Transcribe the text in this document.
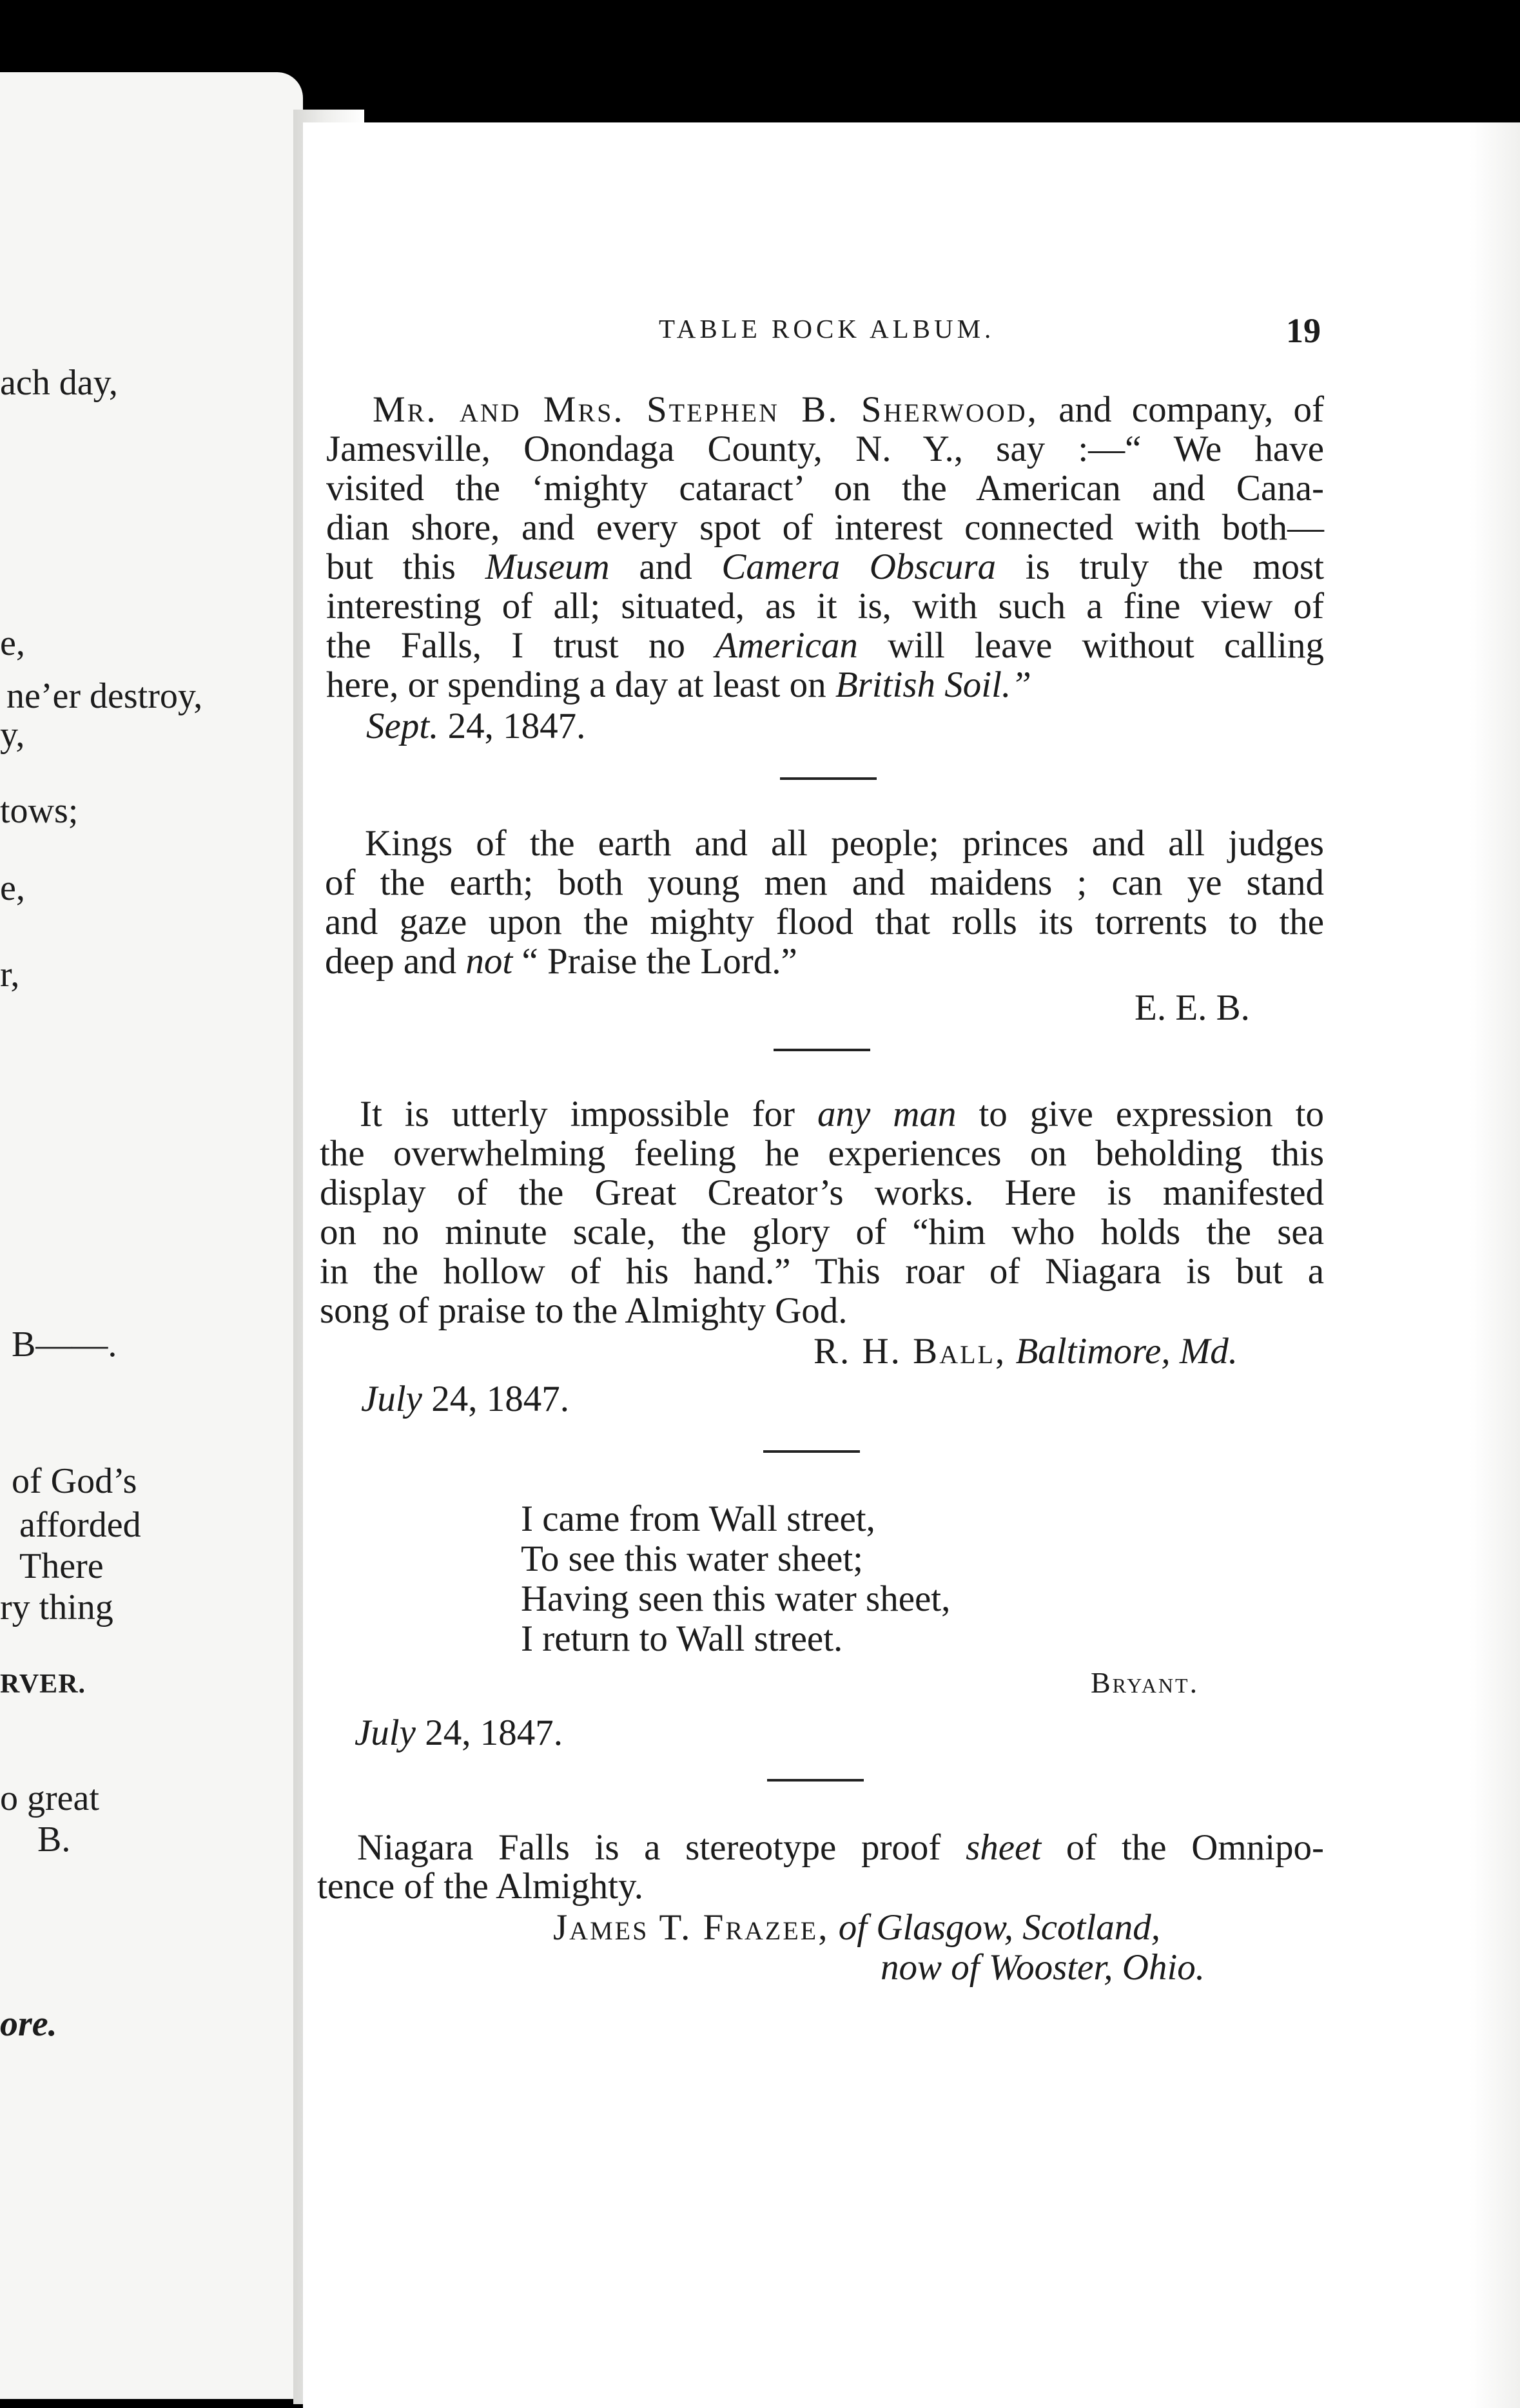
ach day,
e,
ne’er destroy,
y,
tows;
e,
r,
B——.
of God’s
afforded
There
ry thing
RVER.
o great
B.
ore.
TABLE ROCK ALBUM.	19
Mr. and Mrs. Stephen B. Sherwood, and company, of
Jamesville, Onondaga County, N. Y., say :—“ We have
visited the ‘mighty cataract’ on the American and Cana-
dian shore, and every spot of interest connected with both—
but this Museum and Camera Obscura is truly the most
interesting of all; situated, as it is, with such a fine view of
the Falls, I trust no American will leave without calling
here, or spending a day at least on British Soil.”
Sept. 24, 1847.
Kings of the earth and all people; princes and all judges
of the earth; both young men and maidens ; can ye stand
and gaze upon the mighty flood that rolls its torrents to the
deep and not “ Praise the Lord.”
E. E. B.
It is utterly impossible for any man to give expression to
the overwhelming feeling he experiences on beholding this
display of the Great Creator’s works. Here is manifested
on no minute scale, the glory of “him who holds the sea
in the hollow of his hand.” This roar of Niagara is but a
song of praise to the Almighty God.
R. H. Ball, Baltimore, Md.
July 24, 1847.
I came from Wall street,
To see this water sheet;
Having seen this water sheet,
I return to Wall street.
Bryant.
July 24, 1847.
Niagara Falls is a stereotype proof sheet of the Omnipo-
tence of the Almighty.
James T. Frazee, of Glasgow, Scotland,
now of Wooster, Ohio.
